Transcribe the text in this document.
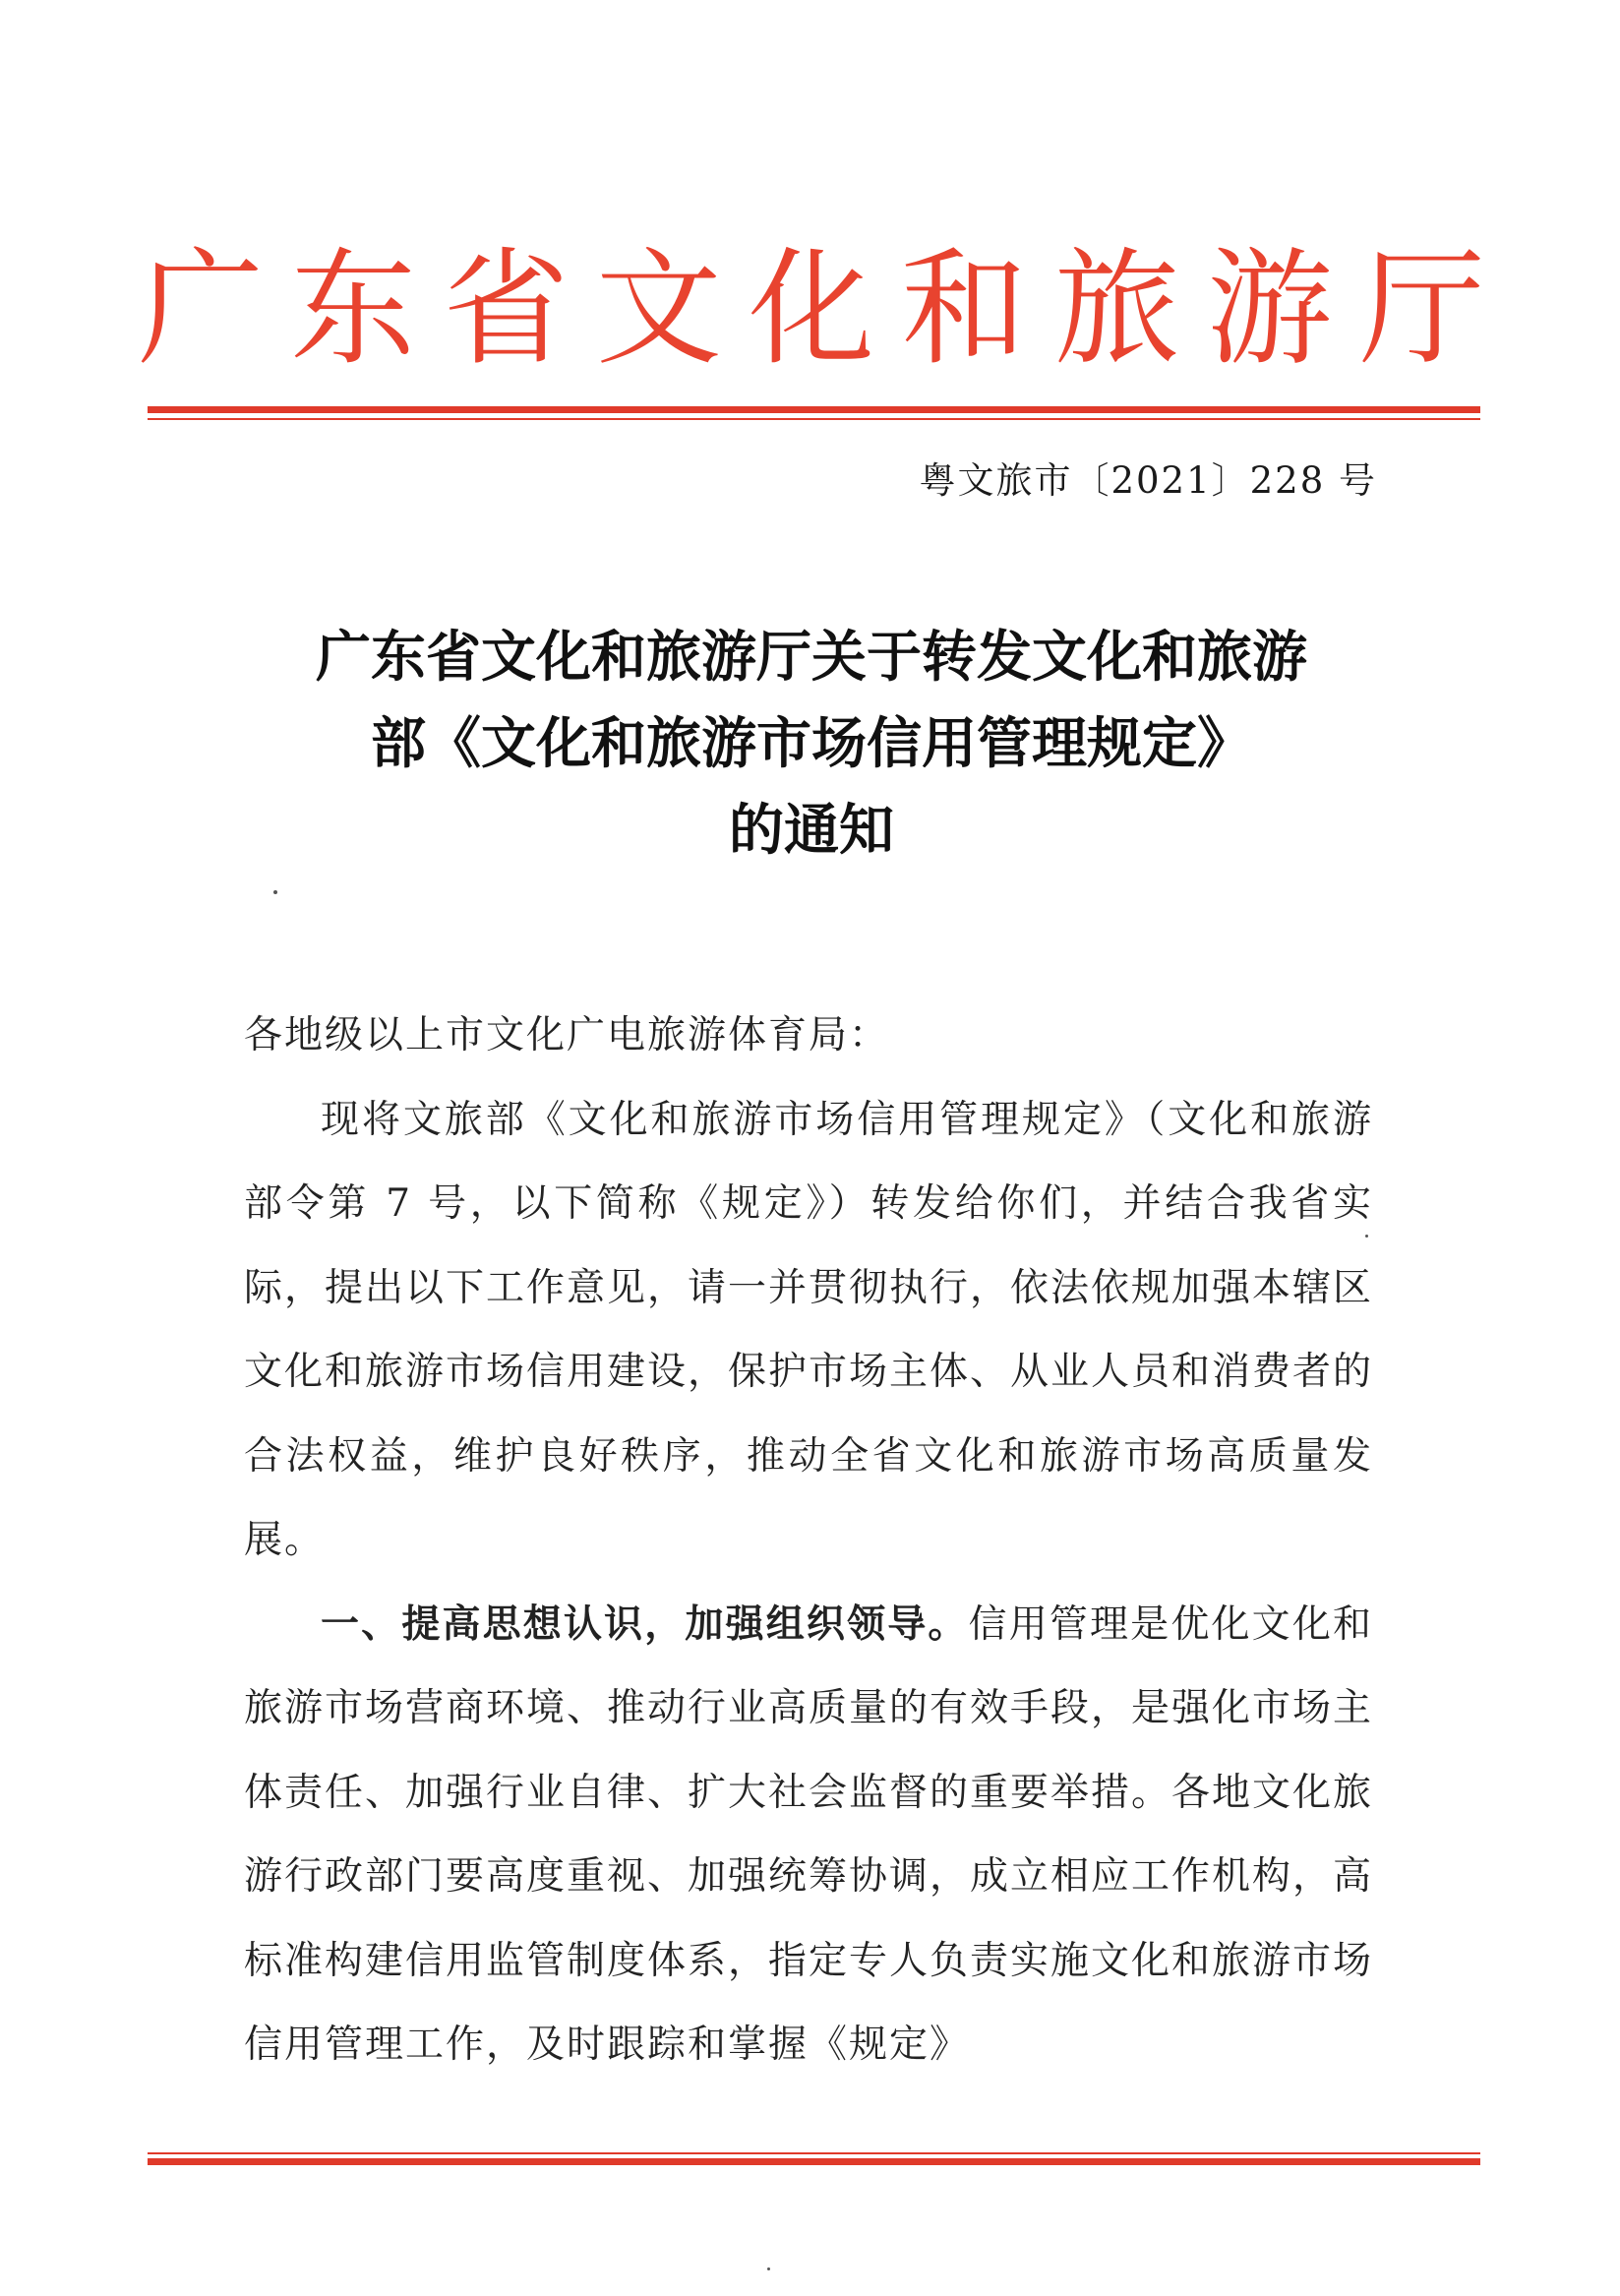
广东省文化和旅游厅
粤文旅市〔2021〕228 号
广东省文化和旅游厅关于转发文化和旅游
部《文化和旅游市场信用管理规定》
的通知

各地级以上市文化广电旅游体育局：

现将文旅部《文化和旅游市场信用管理规定》（文化和旅游部令第 7 号，以下简称《规定》）转发给你们，并结合我省实际，提出以下工作意见，请一并贯彻执行，依法依规加强本辖区文化和旅游市场信用建设，保护市场主体、从业人员和消费者的合法权益，维护良好秩序，推动全省文化和旅游市场高质量发展。

一、提高思想认识，加强组织领导。信用管理是优化文化和旅游市场营商环境、推动行业高质量的有效手段，是强化市场主体责任、加强行业自律、扩大社会监督的重要举措。各地文化旅游行政部门要高度重视、加强统筹协调，成立相应工作机构，高标准构建信用监管制度体系，指定专人负责实施文化和旅游市场信用管理工作，及时跟踪和掌握《规定》
